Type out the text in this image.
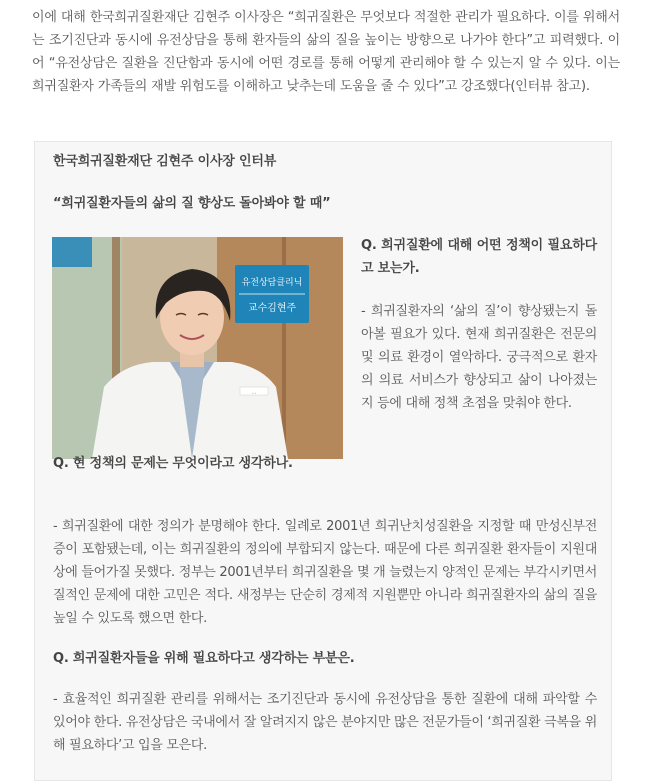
이에 대해 한국희귀질환재단 김현주 이사장은 “희귀질환은 무엇보다 적절한 관리가 필요하다. 이를 위해서는 조기진단과 동시에 유전상담을 통해 환자들의 삶의 질을 높이는 방향으로 나가야 한다”고 피력했다. 이어 “유전상담은 질환을 진단함과 동시에 어떤 경로를 통해 어떻게 관리해야 할 수 있는지 알 수 있다. 이는 희귀질환자 가족들의 재발 위험도를 이해하고 낮추는데 도움을 줄 수 있다”고 강조했다(인터뷰 참고).

한국희귀질환재단 김현주 이사장 인터뷰

“희귀질환자들의 삶의 질 향상도 돌아봐야 할 때”

유전상담클리닉
교수김현주
...

Q. 희귀질환에 대해 어떤 정책이 필요하다고 보는가.

- 희귀질환자의 ‘삶의 질’이 향상됐는지 돌아볼 필요가 있다. 현재 희귀질환은 전문의 및 의료 환경이 열악하다. 궁극적으로 환자의 의료 서비스가 향상되고 삶이 나아졌는지 등에 대해 정책 초점을 맞춰야 한다.

Q. 현 정책의 문제는 무엇이라고 생각하나.

- 희귀질환에 대한 정의가 분명해야 한다. 일례로 2001년 희귀난치성질환을 지정할 때 만성신부전증이 포함됐는데, 이는 희귀질환의 정의에 부합되지 않는다. 때문에 다른 희귀질환 환자들이 지원대상에 들어가질 못했다. 정부는 2001년부터 희귀질환을 몇 개 늘렸는지 양적인 문제는 부각시키면서 질적인 문제에 대한 고민은 적다. 새정부는 단순히 경제적 지원뿐만 아니라 희귀질환자의 삶의 질을 높일 수 있도록 했으면 한다.

Q. 희귀질환자들을 위해 필요하다고 생각하는 부분은.

- 효율적인 희귀질환 관리를 위해서는 조기진단과 동시에 유전상담을 통한 질환에 대해 파악할 수 있어야 한다. 유전상담은 국내에서 잘 알려지지 않은 분야지만 많은 전문가들이 ‘희귀질환 극복을 위해 필요하다’고 입을 모은다.
